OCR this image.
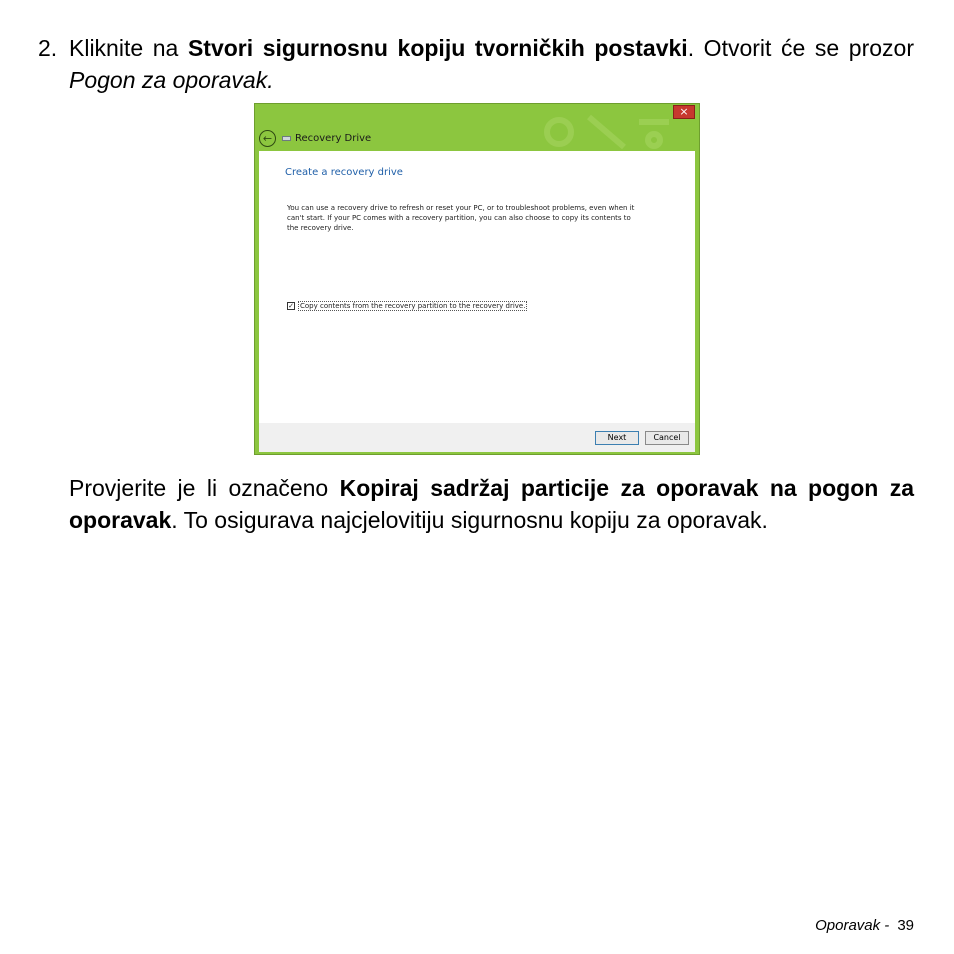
2. Kliknite na Stvori sigurnosnu kopiju tvorničkih postavki. Otvorit će se prozor Pogon za oporavak.

×
←	Recovery Drive
Create a recovery drive
You can use a recovery drive to refresh or reset your PC, or to troubleshoot problems, even when it can't start. If your PC comes with a recovery partition, you can also choose to copy its contents to the recovery drive.
✓ Copy contents from the recovery partition to the recovery drive.
Next	Cancel

Provjerite je li označeno Kopiraj sadržaj particije za oporavak na pogon za oporavak. To osigurava najcjelovitiju sigurnosnu kopiju za oporavak.

Oporavak - 39
